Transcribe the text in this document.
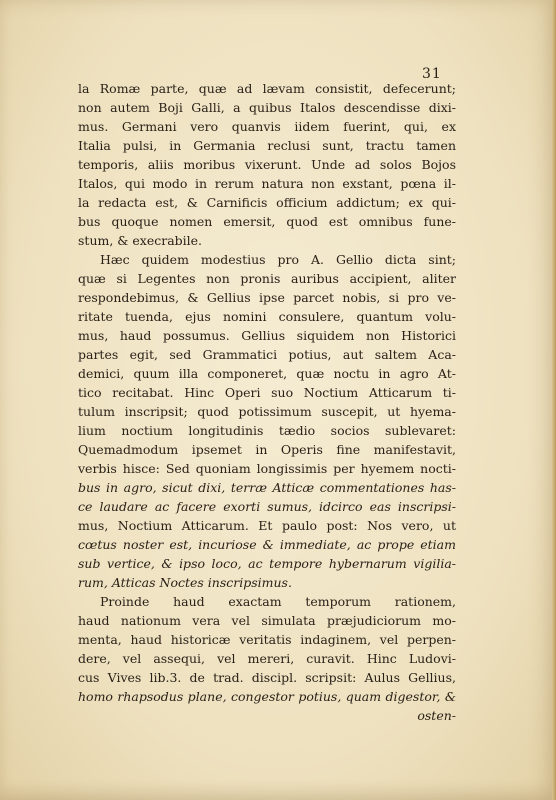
31
la Romæ parte, quæ ad lævam consistit, defecerunt;
non autem Boji Galli, a quibus Italos descendisse dixi-
mus. Germani vero quanvis iidem fuerint, qui, ex
Italia pulsi, in Germania reclusi sunt, tractu tamen
temporis, aliis moribus vixerunt. Unde ad solos Bojos
Italos, qui modo in rerum natura non exstant, pœna il-
la redacta est, & Carnificis officium addictum; ex qui-
bus quoque nomen emersit, quod est omnibus fune-
stum, & execrabile.
Hæc quidem modestius pro A. Gellio dicta sint;
quæ si Legentes non pronis auribus accipient, aliter
respondebimus, & Gellius ipse parcet nobis, si pro ve-
ritate tuenda, ejus nomini consulere, quantum volu-
mus, haud possumus. Gellius siquidem non Historici
partes egit, sed Grammatici potius, aut saltem Aca-
demici, quum illa componeret, quæ noctu in agro At-
tico recitabat. Hinc Operi suo Noctium Atticarum ti-
tulum inscripsit; quod potissimum suscepit, ut hyema-
lium noctium longitudinis tædio socios sublevaret:
Quemadmodum ipsemet in Operis fine manifestavit,
verbis hisce: Sed quoniam longissimis per hyemem nocti-
bus in agro, sicut dixi, terræ Atticæ commentationes has-
ce laudare ac facere exorti sumus, idcirco eas inscripsi-
mus, Noctium Atticarum. Et paulo post: Nos vero, ut
cœtus noster est, incuriose & immediate, ac prope etiam
sub vertice, & ipso loco, ac tempore hybernarum vigilia-
rum, Atticas Noctes inscripsimus.
Proinde haud exactam temporum rationem,
haud nationum vera vel simulata præjudiciorum mo-
menta, haud historicæ veritatis indaginem, vel perpen-
dere, vel assequi, vel mereri, curavit. Hinc Ludovi-
cus Vives lib.3. de trad. discipl. scripsit: Aulus Gellius,
homo rhapsodus plane, congestor potius, quam digestor, &
osten-
